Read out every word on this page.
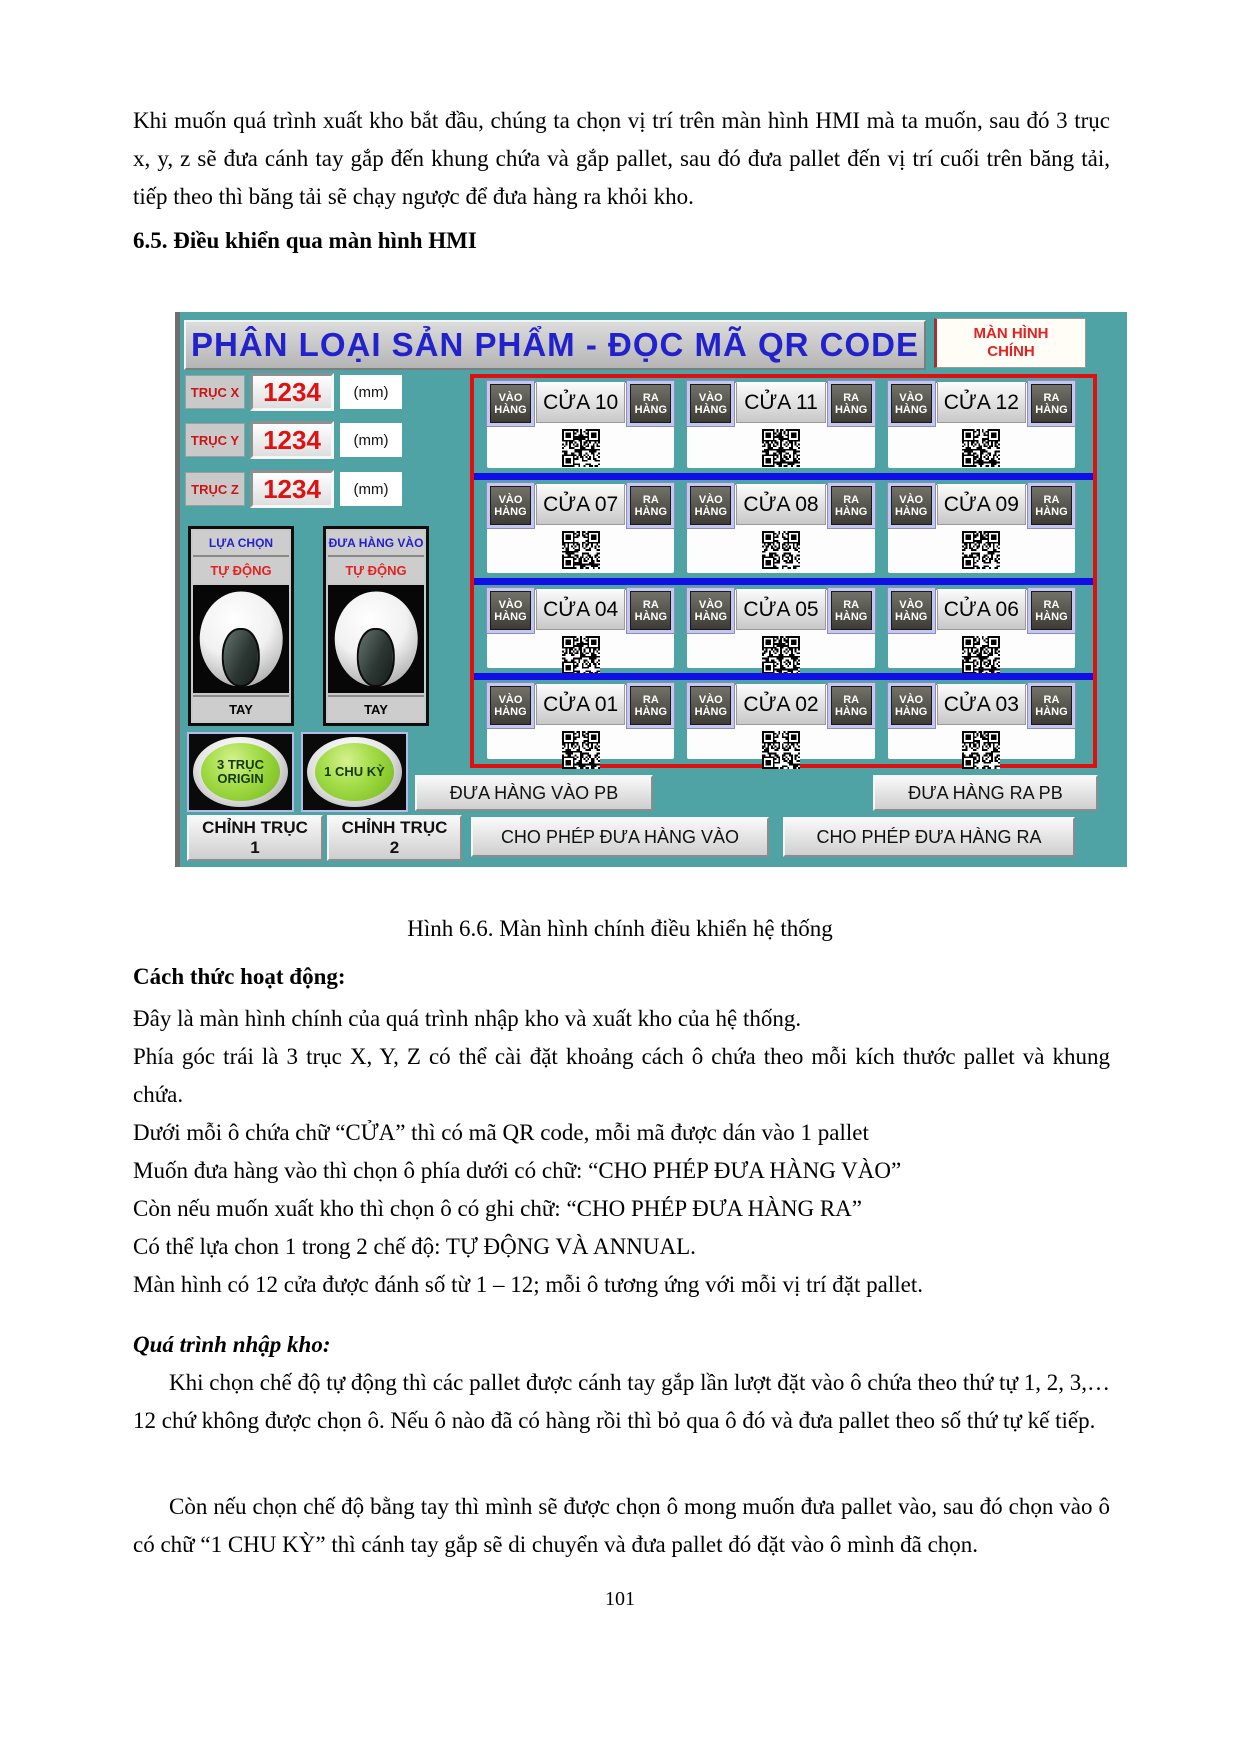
Khi muốn quá trình xuất kho bắt đầu, chúng ta chọn vị trí trên màn hình HMI mà ta muốn, sau đó 3 trục x, y, z sẽ đưa cánh tay gắp đến khung chứa và gắp pallet, sau đó đưa pallet đến vị trí cuối trên băng tải, tiếp theo thì băng tải sẽ chạy ngược để đưa hàng ra khỏi kho.
6.5. Điều khiển qua màn hình HMI
PHÂN LOẠI SẢN PHẨM - ĐỌC MÃ QR CODE	MÀN HÌNH CHÍNH
TRỤC X 1234	(mm)
TRỤC Y 1234	(mm)
TRỤC Z 1234	(mm)
LỰA CHỌN
TỰ ĐỘNG
TAY
ĐƯA HÀNG VÀO
TỰ ĐỘNG
TAY
3 TRỤC
ORIGIN	1 CHU KỲ
CHỈNH TRỤC
1
CHỈNH TRỤC
2
VÀO
HÀNG CỬA 10	RA
HÀNG
VÀO
HÀNG CỬA 11	RA
HÀNG
VÀO
HÀNG CỬA 12	RA
HÀNG
VÀO
HÀNG CỬA 07	RA
HÀNG
VÀO
HÀNG CỬA 08	RA
HÀNG
VÀO
HÀNG CỬA 09	RA
HÀNG
VÀO
HÀNG CỬA 04	RA
HÀNG
VÀO
HÀNG CỬA 05	RA
HÀNG
VÀO
HÀNG CỬA 06	RA
HÀNG
VÀO
HÀNG CỬA 01	RA
HÀNG
VÀO
HÀNG CỬA 02	RA
HÀNG
VÀO
HÀNG CỬA 03	RA
HÀNG
ĐƯA HÀNG VÀO PB	ĐƯA HÀNG RA PB
CHO PHÉP ĐƯA HÀNG VÀO	CHO PHÉP ĐƯA HÀNG RA
Hình 6.6. Màn hình chính điều khiển hệ thống
Cách thức hoạt động:
Đây là màn hình chính của quá trình nhập kho và xuất kho của hệ thống.
Phía góc trái là 3 trục X, Y, Z có thể cài đặt khoảng cách ô chứa theo mỗi kích thước pallet và khung chứa.
Dưới mỗi ô chứa chữ “CỬA” thì có mã QR code, mỗi mã được dán vào 1 pallet
Muốn đưa hàng vào thì chọn ô phía dưới có chữ: “CHO PHÉP ĐƯA HÀNG VÀO”
Còn nếu muốn xuất kho thì chọn ô có ghi chữ: “CHO PHÉP ĐƯA HÀNG RA”
Có thể lựa chon 1 trong 2 chế độ: TỰ ĐỘNG VÀ ANNUAL.
Màn hình có 12 cửa được đánh số từ 1 – 12; mỗi ô tương ứng với mỗi vị trí đặt pallet.
Quá trình nhập kho:
Khi chọn chế độ tự động thì các pallet được cánh tay gắp lần lượt đặt vào ô chứa theo thứ tự 1, 2, 3,…12 chứ không được chọn ô. Nếu ô nào đã có hàng rồi thì bỏ qua ô đó và đưa pallet theo số thứ tự kế tiếp.
Còn nếu chọn chế độ bằng tay thì mình sẽ được chọn ô mong muốn đưa pallet vào, sau đó chọn vào ô có chữ “1 CHU KỲ” thì cánh tay gắp sẽ di chuyển và đưa pallet đó đặt vào ô mình đã chọn.
101
